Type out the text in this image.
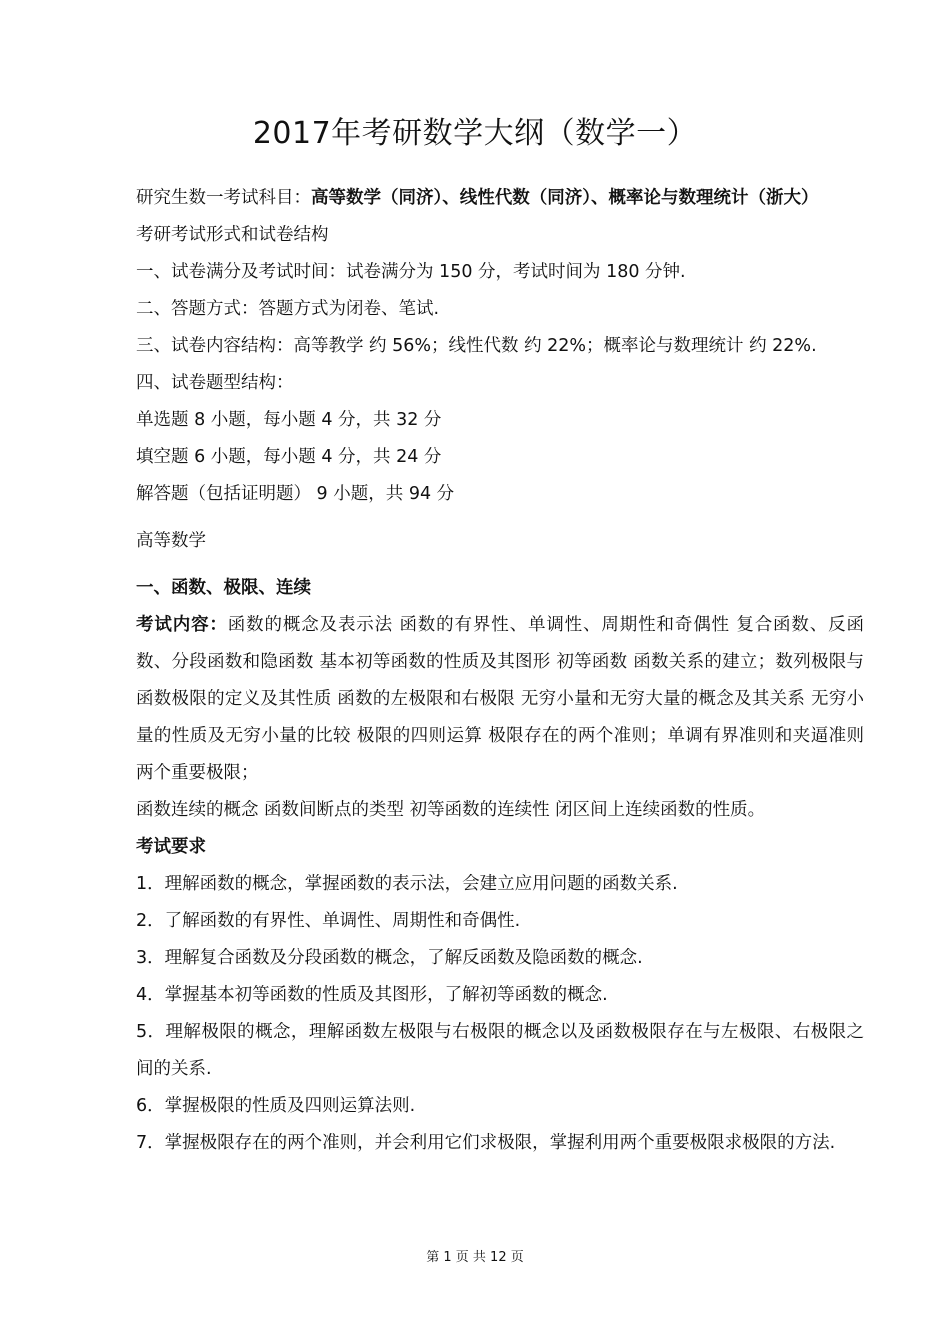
2017年考研数学大纲（数学一）
研究生数一考试科目：高等数学（同济）、线性代数（同济）、概率论与数理统计（浙大）
考研考试形式和试卷结构
一、试卷满分及考试时间：试卷满分为 150 分，考试时间为 180 分钟.
二、答题方式：答题方式为闭卷、笔试.
三、试卷内容结构：高等教学 约 56%；线性代数 约 22%；概率论与数理统计 约 22%.
四、试卷题型结构：
单选题 8 小题，每小题 4 分，共 32 分
填空题 6 小题，每小题 4 分，共 24 分
解答题（包括证明题） 9 小题，共 94 分
高等数学
一、函数、极限、连续
考试内容：函数的概念及表示法 函数的有界性、单调性、周期性和奇偶性 复合函数、反函数、分段函数和隐函数 基本初等函数的性质及其图形 初等函数 函数关系的建立；数列极限与函数极限的定义及其性质 函数的左极限和右极限 无穷小量和无穷大量的概念及其关系 无穷小量的性质及无穷小量的比较 极限的四则运算 极限存在的两个准则；单调有界准则和夹逼准则 两个重要极限；
函数连续的概念 函数间断点的类型 初等函数的连续性 闭区间上连续函数的性质。
考试要求
1．理解函数的概念，掌握函数的表示法，会建立应用问题的函数关系.
2．了解函数的有界性、单调性、周期性和奇偶性.
3．理解复合函数及分段函数的概念，了解反函数及隐函数的概念.
4．掌握基本初等函数的性质及其图形，了解初等函数的概念.
5．理解极限的概念，理解函数左极限与右极限的概念以及函数极限存在与左极限、右极限之间的关系.
6．掌握极限的性质及四则运算法则.
7．掌握极限存在的两个准则，并会利用它们求极限，掌握利用两个重要极限求极限的方法.
第 1 页 共 12 页
